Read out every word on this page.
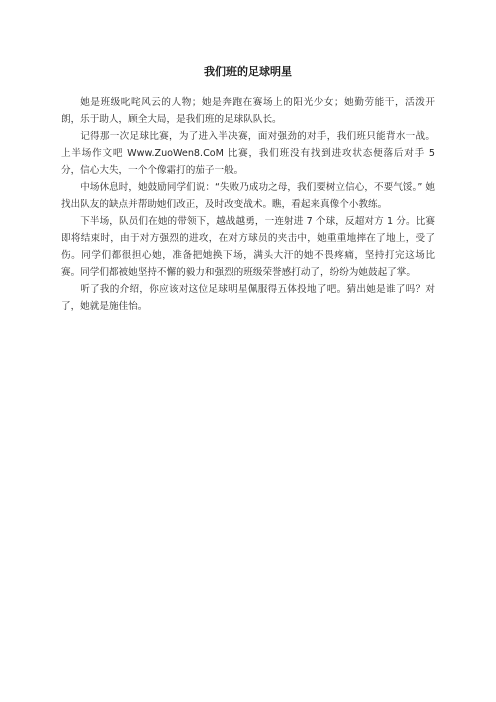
我们班的足球明星

她是班级叱咤风云的人物；她是奔跑在赛场上的阳光少女；她勤劳能干，活泼开朗，乐于助人，顾全大局，是我们班的足球队队长。

记得那一次足球比赛，为了进入半决赛，面对强劲的对手，我们班只能背水一战。上半场作文吧 Www.ZuoWen8.CoM 比赛，我们班没有找到进攻状态便落后对手 5 分，信心大失，一个个像霜打的茄子一般。

中场休息时，她鼓励同学们说：“失败乃成功之母，我们要树立信心，不要气馁。” 她找出队友的缺点并帮助她们改正，及时改变战术。瞧，看起来真像个小教练。

下半场，队员们在她的带领下，越战越勇，一连射进 7 个球，反超对方 1 分。比赛即将结束时，由于对方强烈的进攻，在对方球员的夹击中，她重重地摔在了地上，受了伤。同学们都很担心她，准备把她换下场，满头大汗的她不畏疼痛，坚持打完这场比赛。同学们都被她坚持不懈的毅力和强烈的班级荣誉感打动了，纷纷为她鼓起了掌。

听了我的介绍，你应该对这位足球明星佩服得五体投地了吧。猜出她是谁了吗？对了，她就是施佳怡。
